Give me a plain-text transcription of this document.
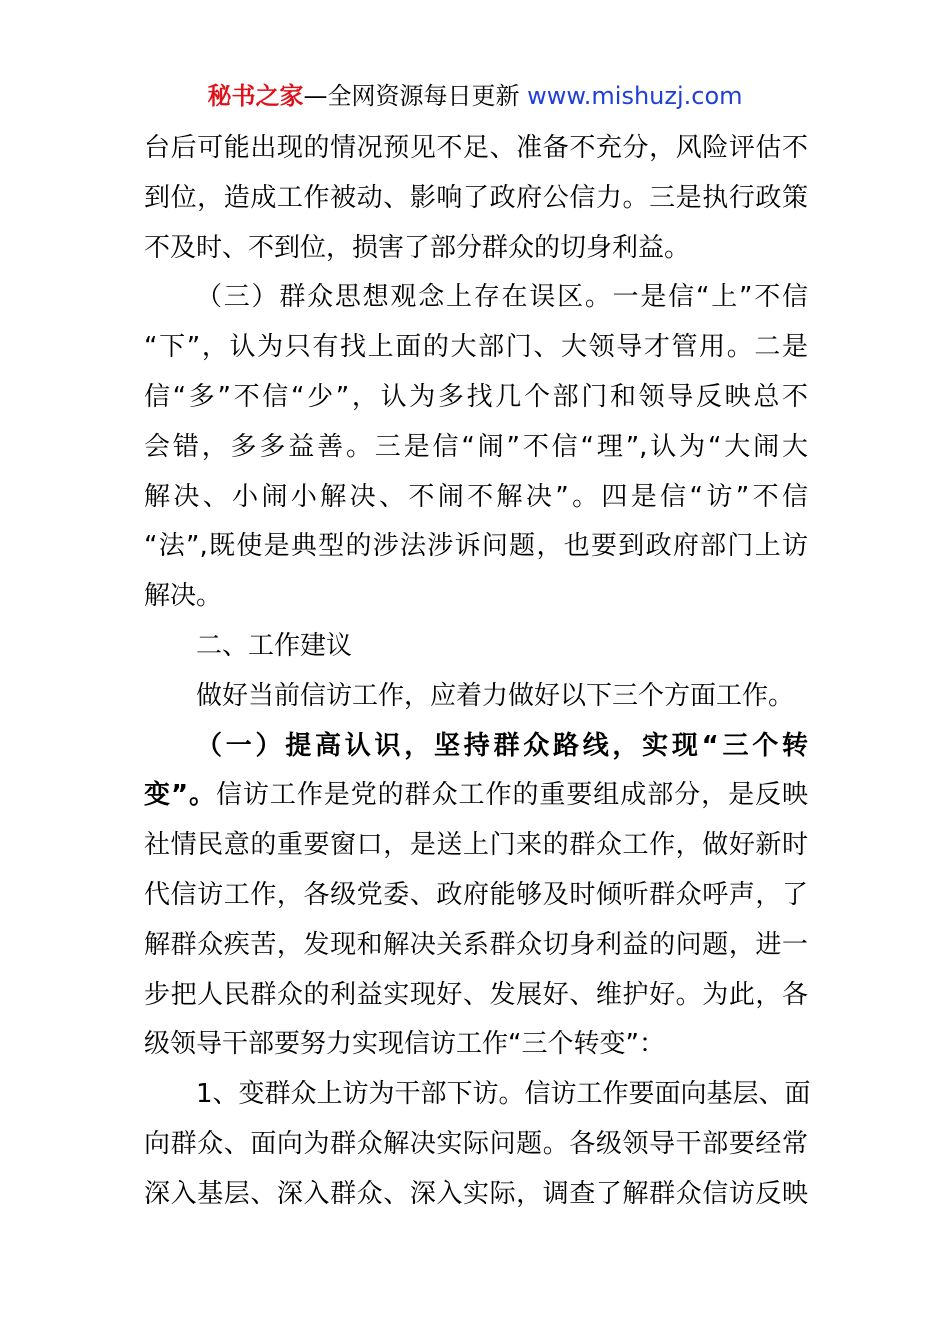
秘书之家—全网资源每日更新 www.mishuzj.com
台后可能出现的情况预见不足、准备不充分，风险评估不
到位，造成工作被动、影响了政府公信力。三是执行政策
不及时、不到位，损害了部分群众的切身利益。
（三）群众思想观念上存在误区。一是信“上”不信
“下”，认为只有找上面的大部门、大领导才管用。二是
信“多”不信“少”，认为多找几个部门和领导反映总不
会错，多多益善。三是信“闹”不信“理”,认为“大闹大
解决、小闹小解决、不闹不解决”。四是信“访”不信
“法”,既使是典型的涉法涉诉问题，也要到政府部门上访
解决。
二、工作建议
做好当前信访工作，应着力做好以下三个方面工作。
（一）提高认识，坚持群众路线，实现“三个转
变”。信访工作是党的群众工作的重要组成部分，是反映
社情民意的重要窗口，是送上门来的群众工作，做好新时
代信访工作，各级党委、政府能够及时倾听群众呼声，了
解群众疾苦，发现和解决关系群众切身利益的问题，进一
步把人民群众的利益实现好、发展好、维护好。为此，各
级领导干部要努力实现信访工作“三个转变”：
1、变群众上访为干部下访。信访工作要面向基层、面
向群众、面向为群众解决实际问题。各级领导干部要经常
深入基层、深入群众、深入实际，调查了解群众信访反映
